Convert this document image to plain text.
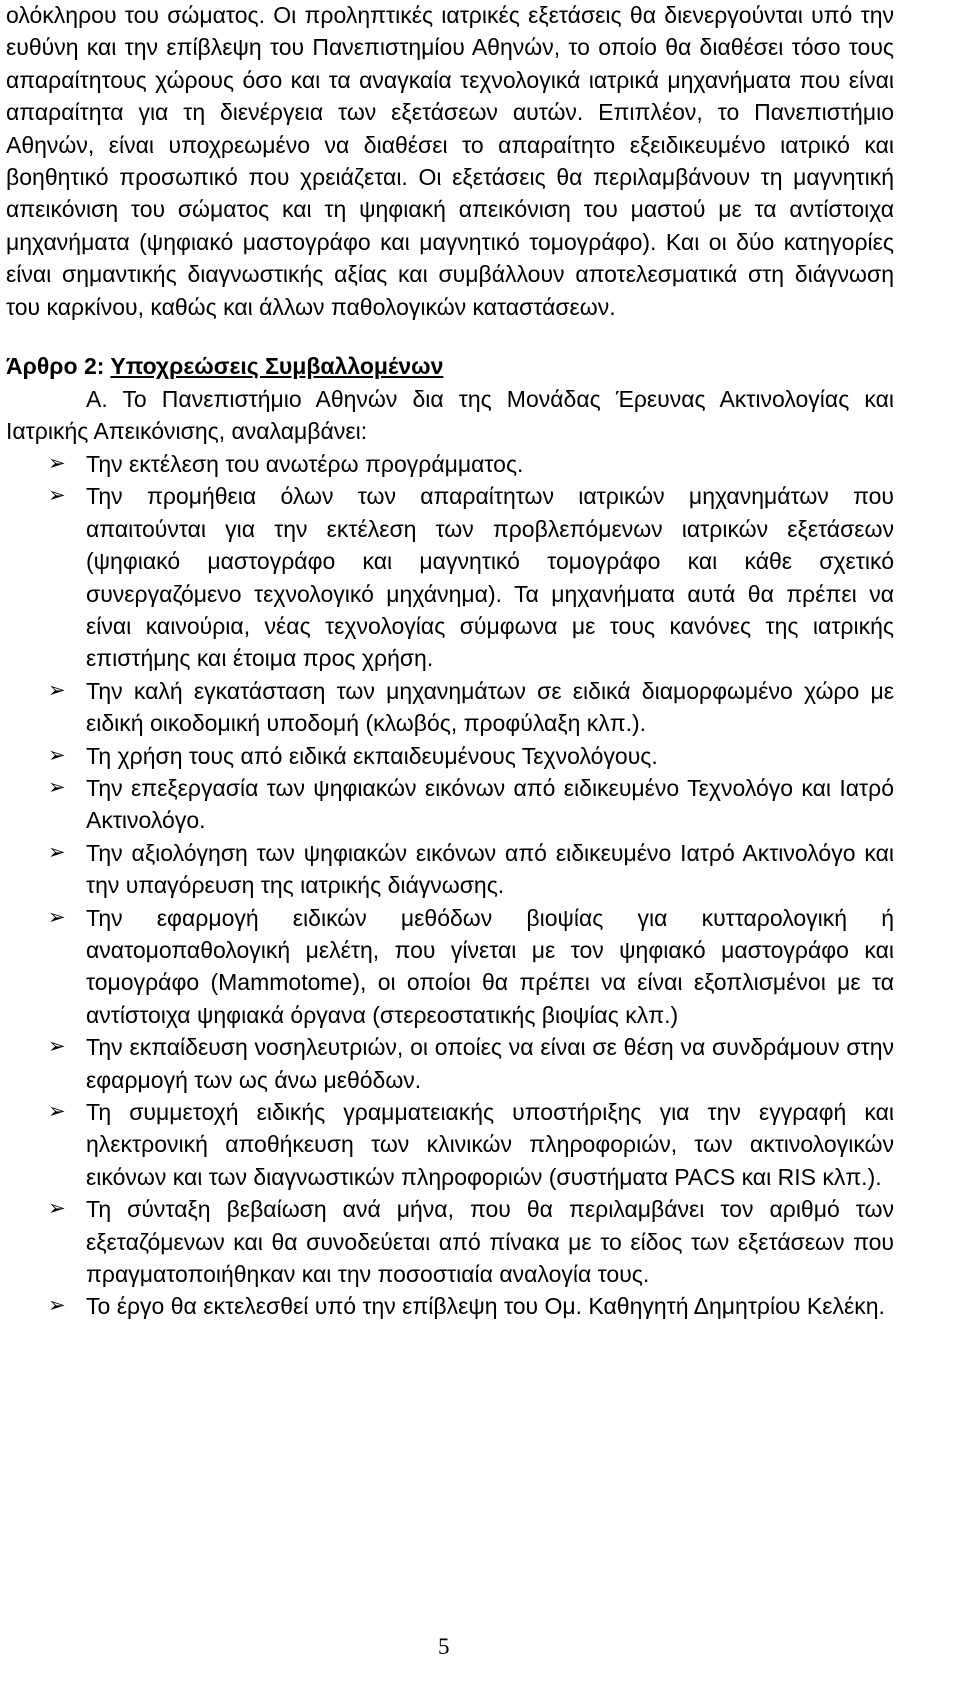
ολόκληρου του σώματος. Οι προληπτικές ιατρικές εξετάσεις θα διενεργούνται υπό την ευθύνη και την επίβλεψη του Πανεπιστημίου Αθηνών, το οποίο θα διαθέσει τόσο τους απαραίτητους χώρους όσο και τα αναγκαία τεχνολογικά ιατρικά μηχανήματα που είναι απαραίτητα για τη διενέργεια των εξετάσεων αυτών. Επιπλέον, το Πανεπιστήμιο Αθηνών, είναι υποχρεωμένο να διαθέσει το απαραίτητο εξειδικευμένο ιατρικό και βοηθητικό προσωπικό που χρειάζεται. Οι εξετάσεις θα περιλαμβάνουν τη μαγνητική απεικόνιση του σώματος και τη ψηφιακή απεικόνιση του μαστού με τα αντίστοιχα μηχανήματα (ψηφιακό μαστογράφο και μαγνητικό τομογράφο). Και οι δύο κατηγορίες είναι σημαντικής διαγνωστικής αξίας και συμβάλλουν αποτελεσματικά στη διάγνωση του καρκίνου, καθώς και άλλων παθολογικών καταστάσεων.

Άρθρο 2: Υποχρεώσεις Συμβαλλομένων

Α. Το Πανεπιστήμιο Αθηνών δια της Μονάδας Έρευνας Ακτινολογίας και Ιατρικής Απεικόνισης, αναλαμβάνει:

➢ Την εκτέλεση του ανωτέρω προγράμματος.
➢ Την προμήθεια όλων των απαραίτητων ιατρικών μηχανημάτων που απαιτούνται για την εκτέλεση των προβλεπόμενων ιατρικών εξετάσεων (ψηφιακό μαστογράφο και μαγνητικό τομογράφο και κάθε σχετικό συνεργαζόμενο τεχνολογικό μηχάνημα). Τα μηχανήματα αυτά θα πρέπει να είναι καινούρια, νέας τεχνολογίας σύμφωνα με τους κανόνες της ιατρικής επιστήμης και έτοιμα προς χρήση.
➢ Την καλή εγκατάσταση των μηχανημάτων σε ειδικά διαμορφωμένο χώρο με ειδική οικοδομική υποδομή (κλωβός, προφύλαξη κλπ.).
➢ Τη χρήση τους από ειδικά εκπαιδευμένους Τεχνολόγους.
➢ Την επεξεργασία των ψηφιακών εικόνων από ειδικευμένο Τεχνολόγο και Ιατρό Ακτινολόγο.
➢ Την αξιολόγηση των ψηφιακών εικόνων από ειδικευμένο Ιατρό Ακτινολόγο και την υπαγόρευση της ιατρικής διάγνωσης.
➢ Την εφαρμογή ειδικών μεθόδων βιοψίας για κυτταρολογική ή ανατομοπαθολογική μελέτη, που γίνεται με τον ψηφιακό μαστογράφο και τομογράφο (Mammotome), οι οποίοι θα πρέπει να είναι εξοπλισμένοι με τα αντίστοιχα ψηφιακά όργανα (στερεοστατικής βιοψίας κλπ.)
➢ Την εκπαίδευση νοσηλευτριών, οι οποίες να είναι σε θέση να συνδράμουν στην εφαρμογή των ως άνω μεθόδων.
➢ Τη συμμετοχή ειδικής γραμματειακής υποστήριξης για την εγγραφή και ηλεκτρονική αποθήκευση των κλινικών πληροφοριών, των ακτινολογικών εικόνων και των διαγνωστικών πληροφοριών (συστήματα PACS και RIS κλπ.).
➢ Τη σύνταξη βεβαίωση ανά μήνα, που θα περιλαμβάνει τον αριθμό των εξεταζόμενων και θα συνοδεύεται από πίνακα με το είδος των εξετάσεων που πραγματοποιήθηκαν και την ποσοστιαία αναλογία τους.
➢ Το έργο θα εκτελεσθεί υπό την επίβλεψη του Ομ. Καθηγητή Δημητρίου Κελέκη.
5
